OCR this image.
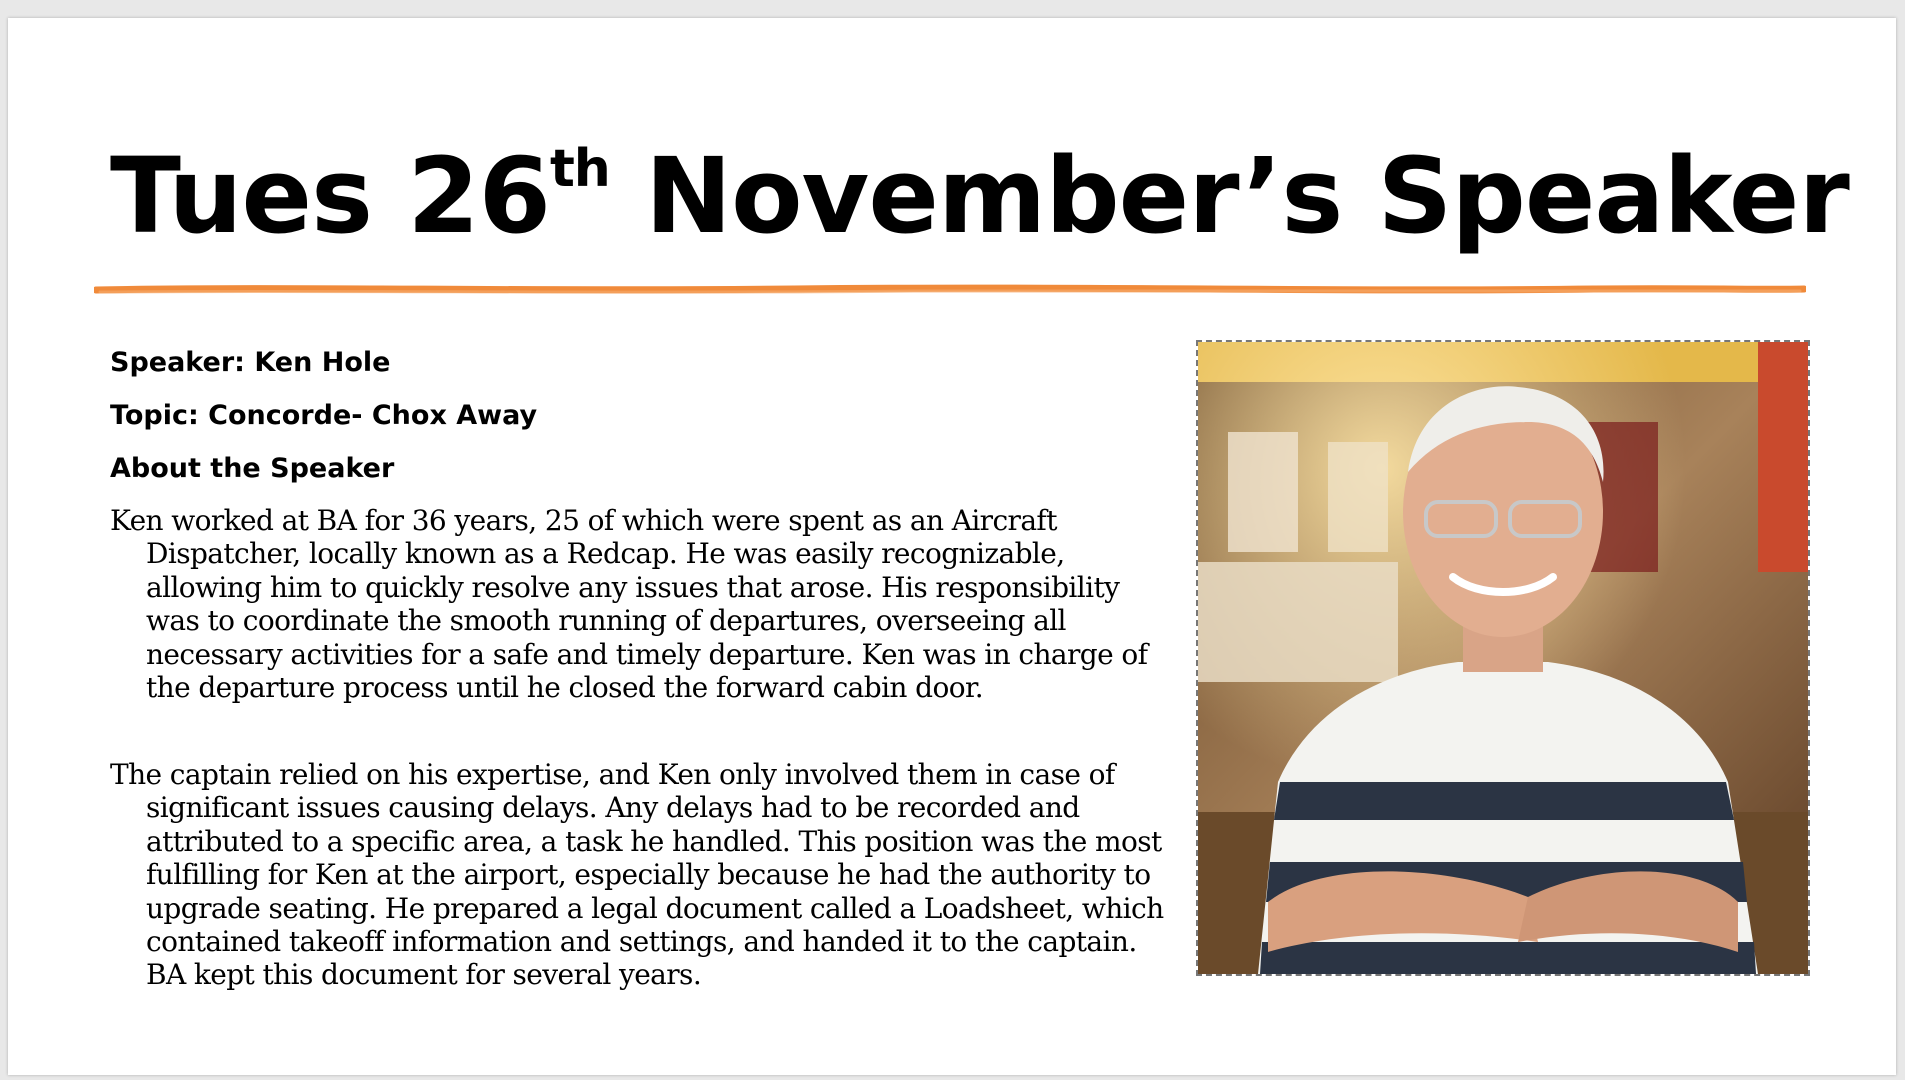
Tues 26th November’s Speaker

Speaker: Ken Hole

Topic: Concorde- Chox Away

About the Speaker

Ken worked at BA for 36 years, 25 of which were spent as an Aircraft Dispatcher, locally known as a Redcap. He was easily recognizable, allowing him to quickly resolve any issues that arose. His responsibility was to coordinate the smooth running of departures, overseeing all necessary activities for a safe and timely departure. Ken was in charge of the departure process until he closed the forward cabin door.

The captain relied on his expertise, and Ken only involved them in case of significant issues causing delays. Any delays had to be recorded and attributed to a specific area, a task he handled. This position was the most fulfilling for Ken at the airport, especially because he had the authority to upgrade seating. He prepared a legal document called a Loadsheet, which contained takeoff information and settings, and handed it to the captain. BA kept this document for several years.
